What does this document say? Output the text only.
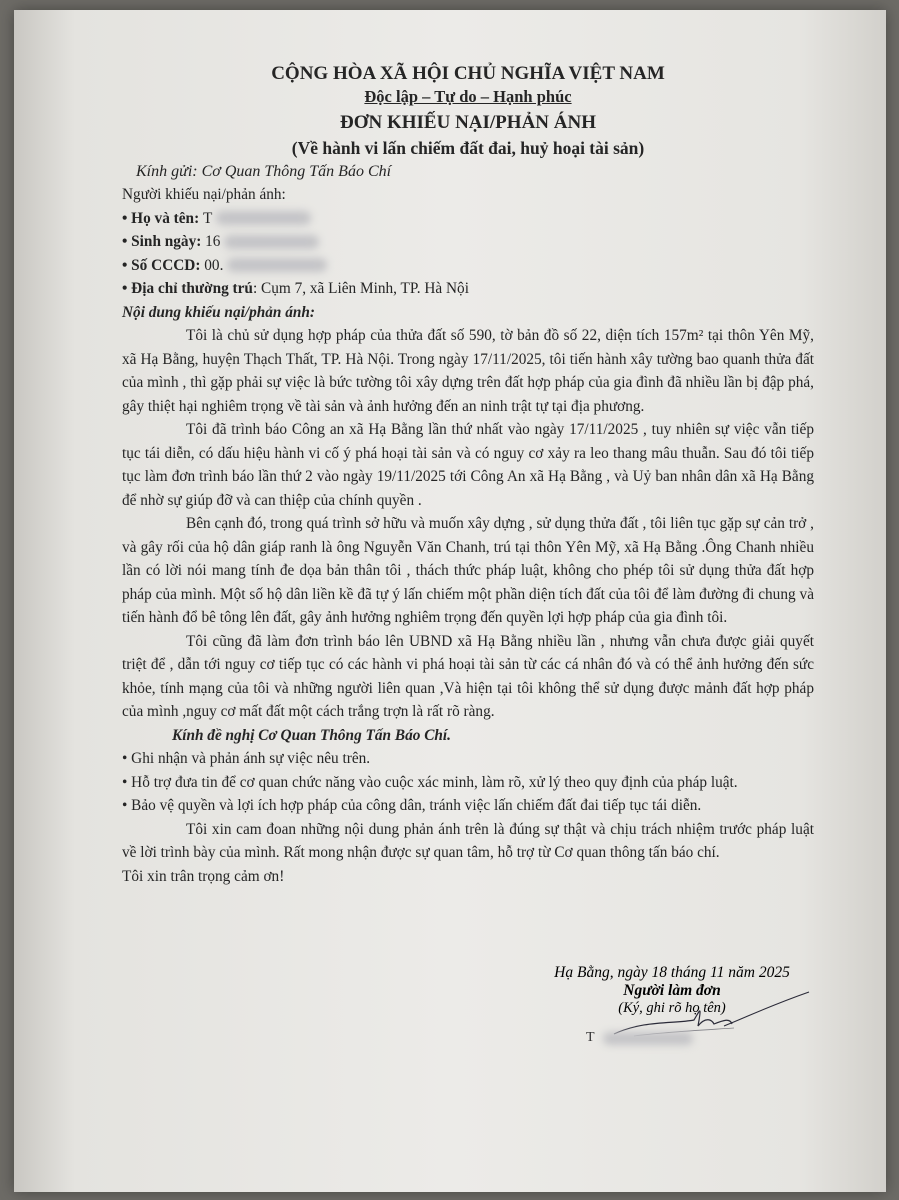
CỘNG HÒA XÃ HỘI CHỦ NGHĨA VIỆT NAM

Độc lập – Tự do – Hạnh phúc

ĐƠN KHIẾU NẠI/PHẢN ÁNH

(Về hành vi lấn chiếm đất đai, huỷ hoại tài sản)

Kính gửi: Cơ Quan Thông Tấn Báo Chí

Người khiếu nại/phản ánh:

• Họ và tên:
T

• Sinh ngày:
16

• Số CCCD:
00.

• Địa chỉ thường trú: Cụm 7, xã Liên Minh, TP. Hà Nội

Nội dung khiếu nại/phản ánh:

Tôi là chủ sử dụng hợp pháp của thửa đất số 590, tờ bản đồ số 22, diện tích 157m² tại thôn Yên Mỹ, xã Hạ Bằng, huyện Thạch Thất, TP. Hà Nội. Trong ngày 17/11/2025, tôi tiến hành xây tường bao quanh thửa đất của mình , thì gặp phải sự việc là bức tường tôi xây dựng trên đất hợp pháp của gia đình đã nhiều lần bị đập phá, gây thiệt hại nghiêm trọng về tài sản và ảnh hưởng đến an ninh trật tự tại địa phương.

Tôi đã trình báo Công an xã Hạ Bằng lần thứ nhất vào ngày 17/11/2025 , tuy nhiên sự việc vẫn tiếp tục tái diễn, có dấu hiệu hành vi cố ý phá hoại tài sản và có nguy cơ xảy ra leo thang mâu thuẫn. Sau đó tôi tiếp tục làm đơn trình báo lần thứ 2 vào ngày 19/11/2025 tới Công An xã Hạ Bằng , và Uỷ ban nhân dân xã Hạ Bằng để nhờ sự giúp đỡ và can thiệp của chính quyền .

Bên cạnh đó, trong quá trình sở hữu và muốn xây dựng , sử dụng thửa đất , tôi liên tục gặp sự cản trở , và gây rối của hộ dân giáp ranh là ông Nguyễn Văn Chanh, trú tại thôn Yên Mỹ, xã Hạ Bằng .Ông Chanh nhiều lần có lời nói mang tính đe dọa bản thân tôi , thách thức pháp luật, không cho phép tôi sử dụng thửa đất hợp pháp của mình. Một số hộ dân liền kề đã tự ý lấn chiếm một phần diện tích đất của tôi để làm đường đi chung và tiến hành đổ bê tông lên đất, gây ảnh hưởng nghiêm trọng đến quyền lợi hợp pháp của gia đình tôi.

Tôi cũng đã làm đơn trình báo lên UBND xã Hạ Bằng nhiều lần , nhưng vẫn chưa được giải quyết triệt để , dẫn tới nguy cơ tiếp tục có các hành vi phá hoại tài sản từ các cá nhân đó và có thể ảnh hưởng đến sức khỏe, tính mạng của tôi và những người liên quan ,Và hiện tại tôi không thể sử dụng được mảnh đất hợp pháp của mình ,nguy cơ mất đất một cách trắng trợn là rất rõ ràng.

Kính đề nghị Cơ Quan Thông Tấn Báo Chí.

• Ghi nhận và phản ánh sự việc nêu trên.

• Hỗ trợ đưa tin để cơ quan chức năng vào cuộc xác minh, làm rõ, xử lý theo quy định của pháp luật.

• Bảo vệ quyền và lợi ích hợp pháp của công dân, tránh việc lấn chiếm đất đai tiếp tục tái diễn.

Tôi xin cam đoan những nội dung phản ánh trên là đúng sự thật và chịu trách nhiệm trước pháp luật về lời trình bày của mình. Rất mong nhận được sự quan tâm, hỗ trợ từ Cơ quan thông tấn báo chí.

Tôi xin trân trọng cảm ơn!

Hạ Bằng, ngày 18 tháng 11 năm 2025
Người làm đơn
(Ký, ghi rõ họ tên)
T
